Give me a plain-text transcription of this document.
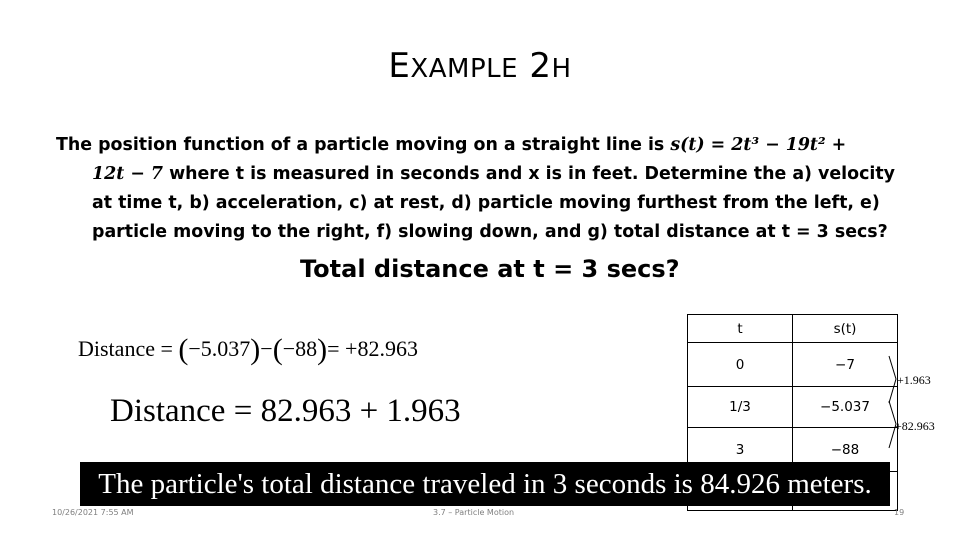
EXAMPLE 2H
The position function of a particle moving on a straight line is s(t) = 2t³ − 19t² +
12t − 7 where t is measured in seconds and x is in feet. Determine the a) velocity
at time t, b) acceleration, c) at rest, d) particle moving furthest from the left, e)
particle moving to the right, f) slowing down, and g) total distance at t = 3 secs?
Total distance at t = 3 secs?
Distance = (−5.037)−(−88)= +82.963
Distance = 82.963 + 1.963
t	s(t)
0	−7
1/3	−5.037
3	−88

+1.963
+82.963
The particle's total distance traveled in 3 seconds is 84.926 meters.
10/26/2021 7:55 AM	3.7 – Particle Motion	19
